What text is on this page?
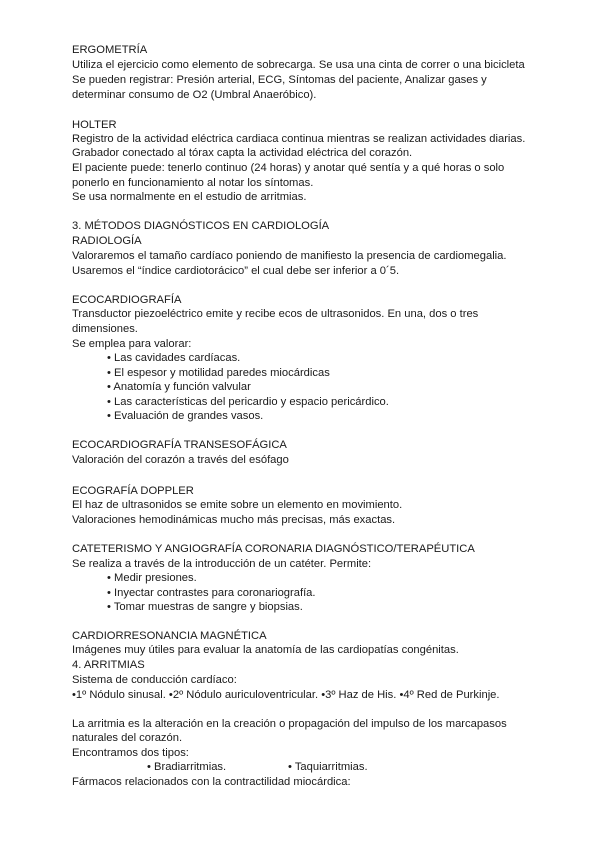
ERGOMETRÍA
Utiliza el ejercicio como elemento de sobrecarga. Se usa una cinta de correr o una bicicleta
Se pueden registrar: Presión arterial, ECG, Síntomas del paciente, Analizar gases y
determinar consumo de O2 (Umbral Anaeróbico).
HOLTER
Registro de la actividad eléctrica cardiaca continua mientras se realizan actividades diarias.
Grabador conectado al tórax capta la actividad eléctrica del corazón.
El paciente puede: tenerlo continuo (24 horas) y anotar qué sentía y a qué horas o solo
ponerlo en funcionamiento al notar los síntomas.
Se usa normalmente en el estudio de arritmias.
3. MÉTODOS DIAGNÓSTICOS EN CARDIOLOGÍA
RADIOLOGÍA
Valoraremos el tamaño cardíaco poniendo de manifiesto la presencia de cardiomegalia.
Usaremos el “índice cardiotorácico” el cual debe ser inferior a 0´5.
ECOCARDIOGRAFÍA
Transductor piezoeléctrico emite y recibe ecos de ultrasonidos. En una, dos o tres
dimensiones.
Se emplea para valorar:
• Las cavidades cardíacas.
• El espesor y motilidad paredes miocárdicas
• Anatomía y función valvular
• Las características del pericardio y espacio pericárdico.
• Evaluación de grandes vasos.
ECOCARDIOGRAFÍA TRANSESOFÁGICA
Valoración del corazón a través del esófago
ECOGRAFÍA DOPPLER
El haz de ultrasonidos se emite sobre un elemento en movimiento.
Valoraciones hemodinámicas mucho más precisas, más exactas.
CATETERISMO Y ANGIOGRAFÍA CORONARIA DIAGNÓSTICO/TERAPÉUTICA
Se realiza a través de la introducción de un catéter. Permite:
• Medir presiones.
• Inyectar contrastes para coronariografía.
• Tomar muestras de sangre y biopsias.
CARDIORRESONANCIA MAGNÉTICA
Imágenes muy útiles para evaluar la anatomía de las cardiopatías congénitas.
4. ARRITMIAS
Sistema de conducción cardíaco:
•1º Nódulo sinusal. •2º Nódulo auriculoventricular. •3º Haz de His. •4º Red de Purkinje.
La arritmia es la alteración en la creación o propagación del impulso de los marcapasos
naturales del corazón.
Encontramos dos tipos:
• Bradiarritmias.	• Taquiarritmias.
Fármacos relacionados con la contractilidad miocárdica:
